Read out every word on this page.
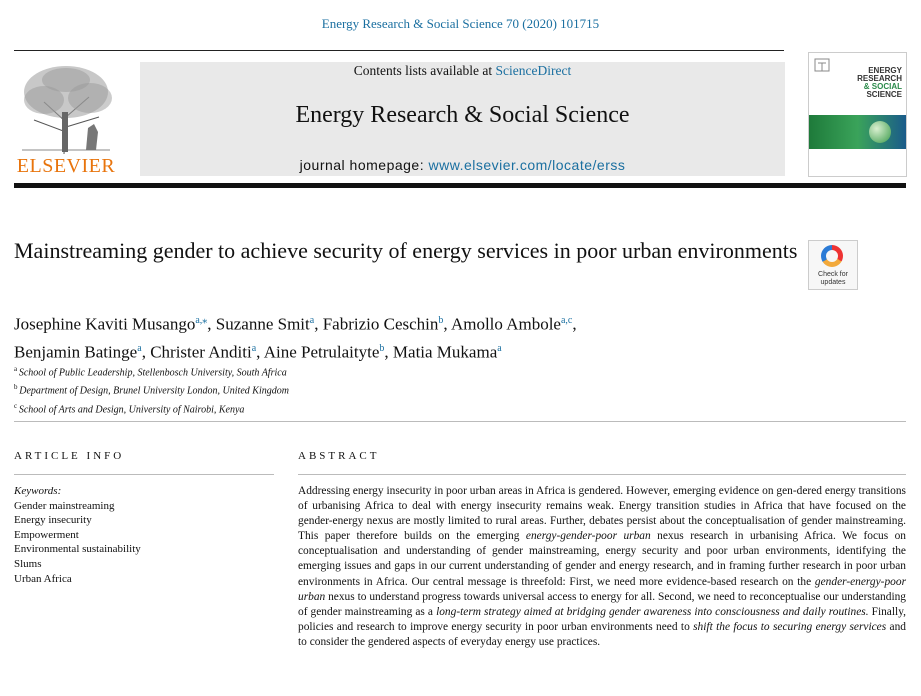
Energy Research & Social Science 70 (2020) 101715
ELSEVIER
Contents lists available at ScienceDirect
Energy Research & Social Science
journal homepage: www.elsevier.com/locate/erss
ENERGY
RESEARCH
& SOCIAL
SCIENCE
Mainstreaming gender to achieve security of energy services in poor urban environments
Check for
updates
Josephine Kaviti Musango$^{a,⁎}$, Suzanne Smit$^a$, Fabrizio Ceschin$^b$, Amollo Ambole$^{a,c}$,
Benjamin Batinge$^a$, Christer Anditi$^a$, Aine Petrulaityte$^b$, Matia Mukama$^a$
$^a$ School of Public Leadership, Stellenbosch University, South Africa
$^b$ Department of Design, Brunel University London, United Kingdom
$^c$ School of Arts and Design, University of Nairobi, Kenya
ARTICLE INFO	ABSTRACT
Keywords:
Gender mainstreaming
Energy insecurity
Empowerment
Environmental sustainability
Slums
Urban Africa
Addressing energy insecurity in poor urban areas in Africa is gendered. However, emerging evidence on gen-dered energy transitions of urbanising Africa to deal with energy insecurity remains weak. Energy transition studies in Africa that have focused on the gender-energy nexus are mostly limited to rural areas. Further, debates persist about the conceptualisation of gender mainstreaming. This paper therefore builds on the emerging energy-gender-poor urban nexus research in urbanising Africa. We focus on conceptualisation and understanding of gender mainstreaming, energy security and poor urban environments, identifying the emerging issues and gaps in our current understanding of gender and energy research, and in framing further research in poor urban environments in Africa. Our central message is threefold: First, we need more evidence-based research on the gender-energy-poor urban nexus to understand progress towards universal access to energy for all. Second, we need to reconceptualise our understanding of gender mainstreaming as a long-term strategy aimed at bridging gender awareness into consciousness and daily routines. Finally, policies and research to improve energy security in poor urban environments need to shift the focus to securing energy services and to consider the gendered aspects of everyday energy use practices.
